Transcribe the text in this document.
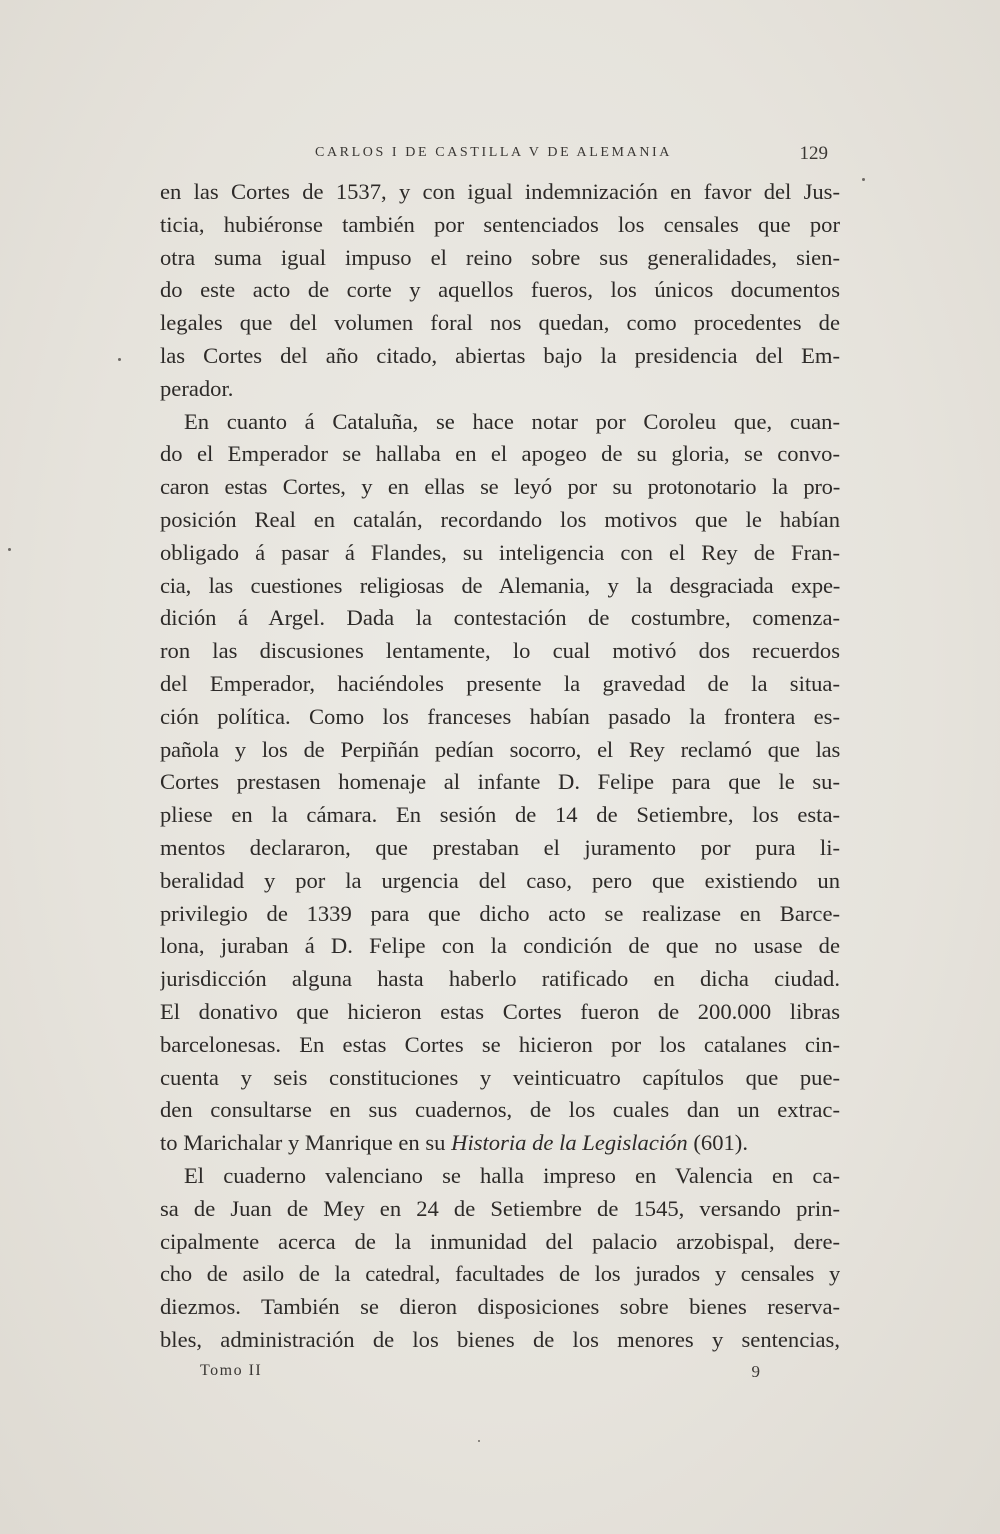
CARLOS I DE CASTILLA V DE ALEMANIA	129
en las Cortes de 1537, y con igual indemnización en favor del Jus-
ticia, hubiéronse también por sentenciados los censales que por
otra suma igual impuso el reino sobre sus generalidades, sien-
do este acto de corte y aquellos fueros, los únicos documentos
legales que del volumen foral nos quedan, como procedentes de
las Cortes del año citado, abiertas bajo la presidencia del Em-
perador.
En cuanto á Cataluña, se hace notar por Coroleu que, cuan-
do el Emperador se hallaba en el apogeo de su gloria, se convo-
caron estas Cortes, y en ellas se leyó por su protonotario la pro-
posición Real en catalán, recordando los motivos que le habían
obligado á pasar á Flandes, su inteligencia con el Rey de Fran-
cia, las cuestiones religiosas de Alemania, y la desgraciada expe-
dición á Argel. Dada la contestación de costumbre, comenza-
ron las discusiones lentamente, lo cual motivó dos recuerdos
del Emperador, haciéndoles presente la gravedad de la situa-
ción política. Como los franceses habían pasado la frontera es-
pañola y los de Perpiñán pedían socorro, el Rey reclamó que las
Cortes prestasen homenaje al infante D. Felipe para que le su-
pliese en la cámara. En sesión de 14 de Setiembre, los esta-
mentos declararon, que prestaban el juramento por pura li-
beralidad y por la urgencia del caso, pero que existiendo un
privilegio de 1339 para que dicho acto se realizase en Barce-
lona, juraban á D. Felipe con la condición de que no usase de
jurisdicción alguna hasta haberlo ratificado en dicha ciudad.
El donativo que hicieron estas Cortes fueron de 200.000 libras
barcelonesas. En estas Cortes se hicieron por los catalanes cin-
cuenta y seis constituciones y veinticuatro capítulos que pue-
den consultarse en sus cuadernos, de los cuales dan un extrac-
to Marichalar y Manrique en su Historia de la Legislación (601).
El cuaderno valenciano se halla impreso en Valencia en ca-
sa de Juan de Mey en 24 de Setiembre de 1545, versando prin-
cipalmente acerca de la inmunidad del palacio arzobispal, dere-
cho de asilo de la catedral, facultades de los jurados y censales y
diezmos. También se dieron disposiciones sobre bienes reserva-
bles, administración de los bienes de los menores y sentencias,
Tomo II	9
